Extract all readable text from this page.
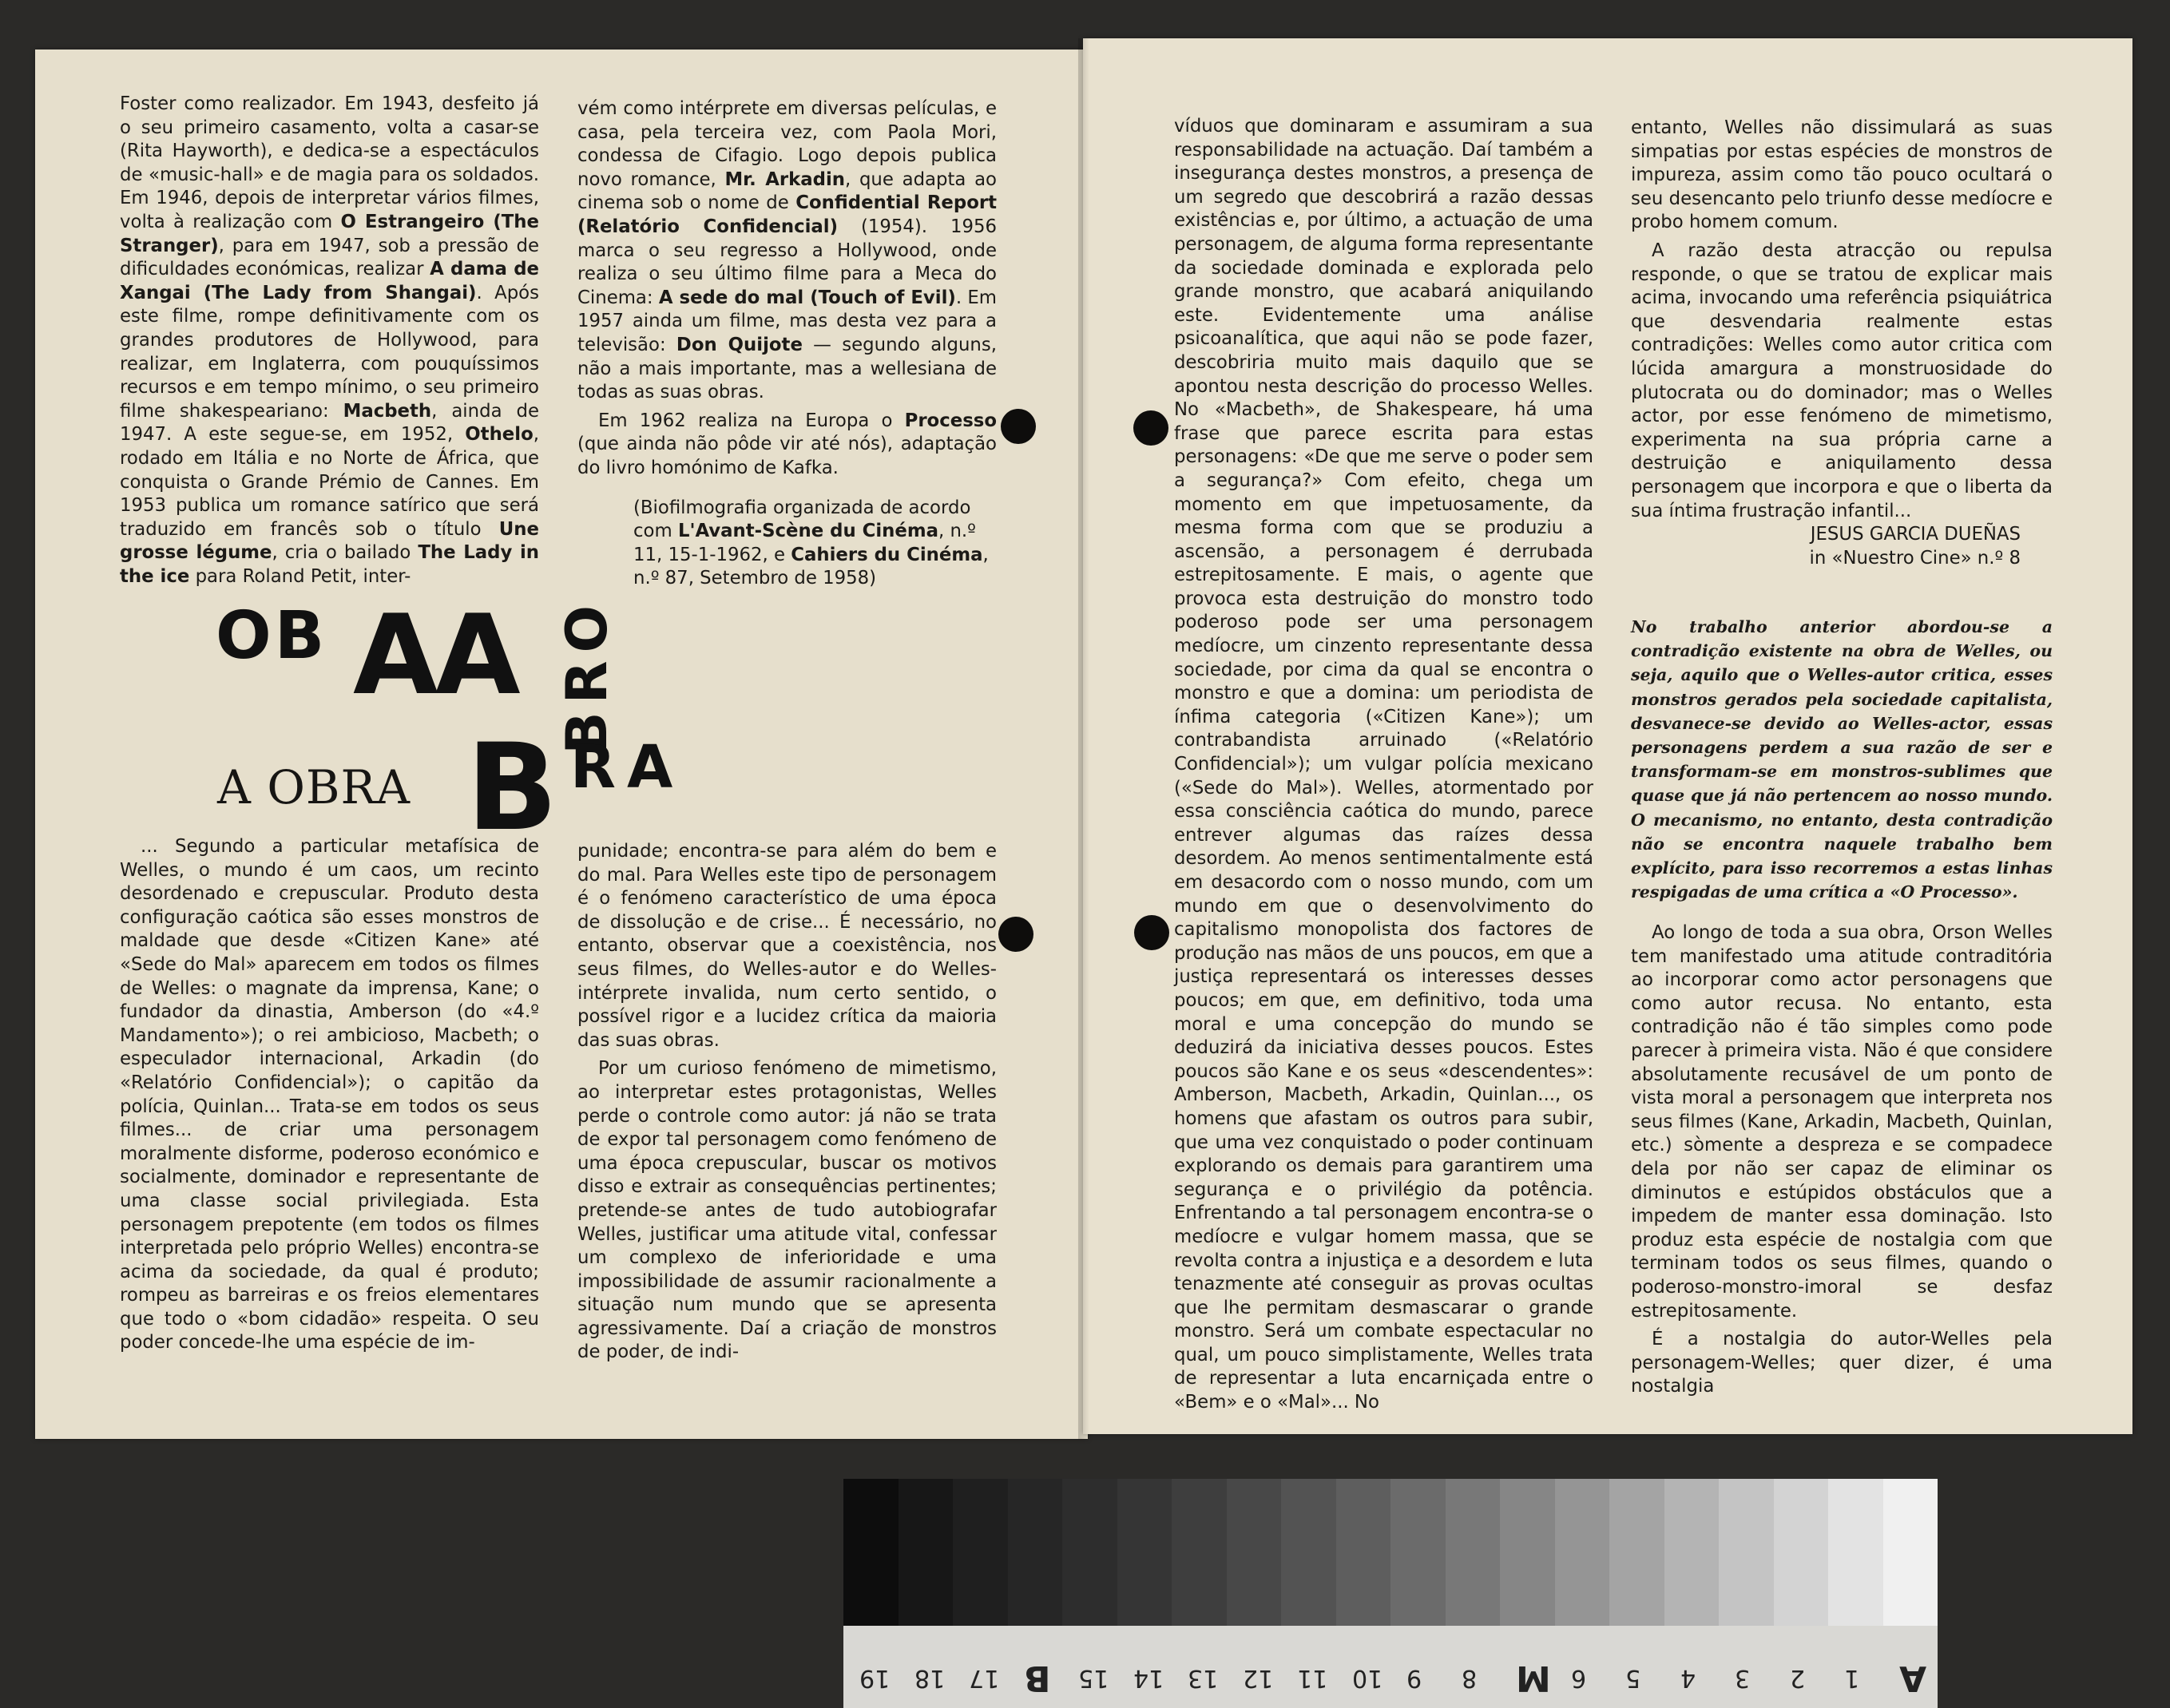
Foster como realizador. Em 1943, desfeito já o seu primeiro casamento, volta a casar-se (Rita Hayworth), e dedica-se a espectáculos de «music-hall» e de magia para os soldados. Em 1946, depois de interpretar vários filmes, volta à realização com O Estrangeiro (The Stranger), para em 1947, sob a pressão de dificuldades económicas, realizar A dama de Xangai (The Lady from Shangai). Após este filme, rompe definitivamente com os grandes produtores de Hollywood, para realizar, em Inglaterra, com pouquíssimos recursos e em tempo mínimo, o seu primeiro filme shakespeariano: Macbeth, ainda de 1947. A este segue-se, em 1952, Othelo, rodado em Itália e no Norte de África, que conquista o Grande Prémio de Cannes. Em 1953 publica um romance satírico que será traduzido em francês sob o título Une grosse légume, cria o bailado The Lady in the ice para Roland Petit, inter-

vém como intérprete em diversas películas, e casa, pela terceira vez, com Paola Mori, condessa de Cifagio. Logo depois publica novo romance, Mr. Arkadin, que adapta ao cinema sob o nome de Confidential Report (Relatório Confidencial) (1954). 1956 marca o seu regresso a Hollywood, onde realiza o seu último filme para a Meca do Cinema: A sede do mal (Touch of Evil). Em 1957 ainda um filme, mas desta vez para a televisão: Don Quijote — segundo alguns, não a mais importante, mas a wellesiana de todas as suas obras.

Em 1962 realiza na Europa o Processo (que ainda não pôde vir até nós), adaptação do livro homónimo de Kafka.

(Biofilmografia organizada de acordo com L'Avant-Scène du Cinéma, n.º 11, 15-1-1962, e Cahiers du Cinéma, n.º 87, Setembro de 1958)

OB AA BRO
B RA
A OBRA

... Segundo a particular metafísica de Welles, o mundo é um caos, um recinto desordenado e crepuscular. Produto desta configuração caótica são esses monstros de maldade que desde «Citizen Kane» até «Sede do Mal» aparecem em todos os filmes de Welles: o magnate da imprensa, Kane; o fundador da dinastia, Amberson (do «4.º Mandamento»); o rei ambicioso, Macbeth; o especulador internacional, Arkadin (do «Relatório Confidencial»); o capitão da polícia, Quinlan... Trata-se em todos os seus filmes... de criar uma personagem moralmente disforme, poderoso económico e socialmente, dominador e representante de uma classe social privilegiada. Esta personagem prepotente (em todos os filmes interpretada pelo próprio Welles) encontra-se acima da sociedade, da qual é produto; rompeu as barreiras e os freios elementares que todo o «bom cidadão» respeita. O seu poder concede-lhe uma espécie de im-

punidade; encontra-se para além do bem e do mal. Para Welles este tipo de personagem é o fenómeno característico de uma época de dissolução e de crise... É necessário, no entanto, observar que a coexistência, nos seus filmes, do Welles-autor e do Welles-intérprete invalida, num certo sentido, o possível rigor e a lucidez crítica da maioria das suas obras.

Por um curioso fenómeno de mimetismo, ao interpretar estes protagonistas, Welles perde o controle como autor: já não se trata de expor tal personagem como fenómeno de uma época crepuscular, buscar os motivos disso e extrair as consequências pertinentes; pretende-se antes de tudo autobiografar Welles, justificar uma atitude vital, confessar um complexo de inferioridade e uma impossibilidade de assumir racionalmente a situação num mundo que se apresenta agressivamente. Daí a criação de monstros de poder, de indi-

víduos que dominaram e assumiram a sua responsabilidade na actuação. Daí também a insegurança destes monstros, a presença de um segredo que descobrirá a razão dessas existências e, por último, a actuação de uma personagem, de alguma forma representante da sociedade dominada e explorada pelo grande monstro, que acabará aniquilando este. Evidentemente uma análise psicoanalítica, que aqui não se pode fazer, descobriria muito mais daquilo que se apontou nesta descrição do processo Welles. No «Macbeth», de Shakespeare, há uma frase que parece escrita para estas personagens: «De que me serve o poder sem a segurança?» Com efeito, chega um momento em que impetuosamente, da mesma forma com que se produziu a ascensão, a personagem é derrubada estrepitosamente. E mais, o agente que provoca esta destruição do monstro todo poderoso pode ser uma personagem medíocre, um cinzento representante dessa sociedade, por cima da qual se encontra o monstro e que a domina: um periodista de ínfima categoria («Citizen Kane»); um contrabandista arruinado («Relatório Confidencial»); um vulgar polícia mexicano («Sede do Mal»). Welles, atormentado por essa consciência caótica do mundo, parece entrever algumas das raízes dessa desordem. Ao menos sentimentalmente está em desacordo com o nosso mundo, com um mundo em que o desenvolvimento do capitalismo monopolista dos factores de produção nas mãos de uns poucos, em que a justiça representará os interesses desses poucos; em que, em definitivo, toda uma moral e uma concepção do mundo se deduzirá da iniciativa desses poucos. Estes poucos são Kane e os seus «descendentes»: Amberson, Macbeth, Arkadin, Quinlan..., os homens que afastam os outros para subir, que uma vez conquistado o poder continuam explorando os demais para garantirem uma segurança e o privilégio da potência. Enfrentando a tal personagem encontra-se o medíocre e vulgar homem massa, que se revolta contra a injustiça e a desordem e luta tenazmente até conseguir as provas ocultas que lhe permitam desmascarar o grande monstro. Será um combate espectacular no qual, um pouco simplistamente, Welles trata de representar a luta encarniçada entre o «Bem» e o «Mal»... No

entanto, Welles não dissimulará as suas simpatias por estas espécies de monstros de impureza, assim como tão pouco ocultará o seu desencanto pelo triunfo desse medíocre e probo homem comum.

A razão desta atracção ou repulsa responde, o que se tratou de explicar mais acima, invocando uma referência psiquiátrica que desvendaria realmente estas contradições: Welles como autor critica com lúcida amargura a monstruosidade do plutocrata ou do dominador; mas o Welles actor, por esse fenómeno de mimetismo, experimenta na sua própria carne a destruição e aniquilamento dessa personagem que incorpora e que o liberta da sua íntima frustração infantil...

JESUS GARCIA DUEÑAS

in «Nuestro Cine» n.º 8

No trabalho anterior abordou-se a contradição existente na obra de Welles, ou seja, aquilo que o Welles-autor critica, esses monstros gerados pela sociedade capitalista, desvanece-se devido ao Welles-actor, essas personagens perdem a sua razão de ser e transformam-se em monstros-sublimes que quase que já não pertencem ao nosso mundo. O mecanismo, no entanto, desta contradição não se encontra naquele trabalho bem explícito, para isso recorremos a estas linhas respigadas de uma crítica a «O Processo».

Ao longo de toda a sua obra, Orson Welles tem manifestado uma atitude contraditória ao incorporar como actor personagens que como autor recusa. No entanto, esta contradição não é tão simples como pode parecer à primeira vista. Não é que considere absolutamente recusável de um ponto de vista moral a personagem que interpreta nos seus filmes (Kane, Arkadin, Macbeth, Quinlan, etc.) sòmente a despreza e se compadece dela por não ser capaz de eliminar os diminutos e estúpidos obstáculos que a impedem de manter essa dominação. Isto produz esta espécie de nostalgia com que terminam todos os seus filmes, quando o poderoso-monstro-imoral se desfaz estrepitosamente.

É a nostalgia do autor-Welles pela personagem-Welles; quer dizer, é uma nostalgia

19 18 17 B 15 14 13 12 11 10 9 8 M 6 5 4 3 2 1 A
